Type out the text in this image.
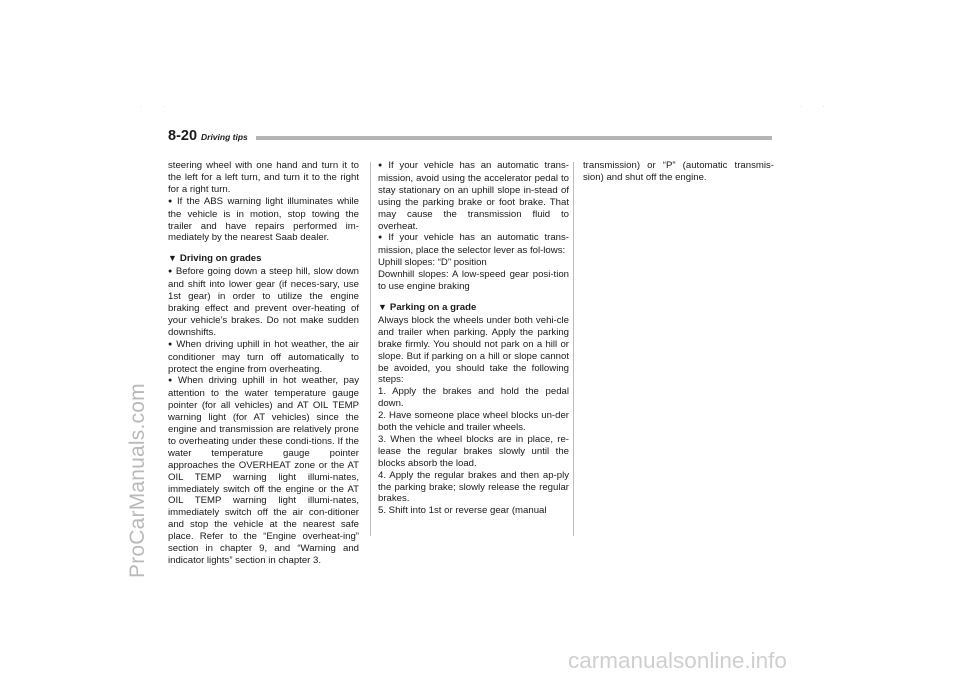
. .	. .
ProCarManuals.com
8-20 Driving tips

steering wheel with one hand and turn it to the left for a left turn, and turn it to the right for a right turn.

● If the ABS warning light illuminates while the vehicle is in motion, stop towing the trailer and have repairs performed im-mediately by the nearest Saab dealer.

▼ Driving on grades

● Before going down a steep hill, slow down and shift into lower gear (if neces-sary, use 1st gear) in order to utilize the engine braking effect and prevent over-heating of your vehicle’s brakes. Do not make sudden downshifts.

● When driving uphill in hot weather, the air conditioner may turn off automatically to protect the engine from overheating.

● When driving uphill in hot weather, pay attention to the water temperature gauge pointer (for all vehicles) and AT OIL TEMP warning light (for AT vehicles) since the engine and transmission are relatively prone to overheating under these condi-tions. If the water temperature gauge pointer approaches the OVERHEAT zone or the AT OIL TEMP warning light illumi-nates, immediately switch off the engine or the AT OIL TEMP warning light illumi-nates, immediately switch off the air con-ditioner and stop the vehicle at the nearest safe place. Refer to the “Engine overheat-ing” section in chapter 9, and “Warning and indicator lights” section in chapter 3.

● If your vehicle has an automatic trans-mission, avoid using the accelerator pedal to stay stationary on an uphill slope in-stead of using the parking brake or foot brake. That may cause the transmission fluid to overheat.

● If your vehicle has an automatic trans-mission, place the selector lever as fol-lows:

Uphill slopes: “D” position

Downhill slopes: A low-speed gear posi-tion to use engine braking

▼ Parking on a grade

Always block the wheels under both vehi-cle and trailer when parking. Apply the parking brake firmly. You should not park on a hill or slope. But if parking on a hill or slope cannot be avoided, you should take the following steps:

1. Apply the brakes and hold the pedal down.

2. Have someone place wheel blocks un-der both the vehicle and trailer wheels.

3. When the wheel blocks are in place, re-lease the regular brakes slowly until the blocks absorb the load.

4. Apply the regular brakes and then ap-ply the parking brake; slowly release the regular brakes.

5. Shift into 1st or reverse gear (manual

transmission) or “P” (automatic transmis-sion) and shut off the engine.

carmanualsonline.info
